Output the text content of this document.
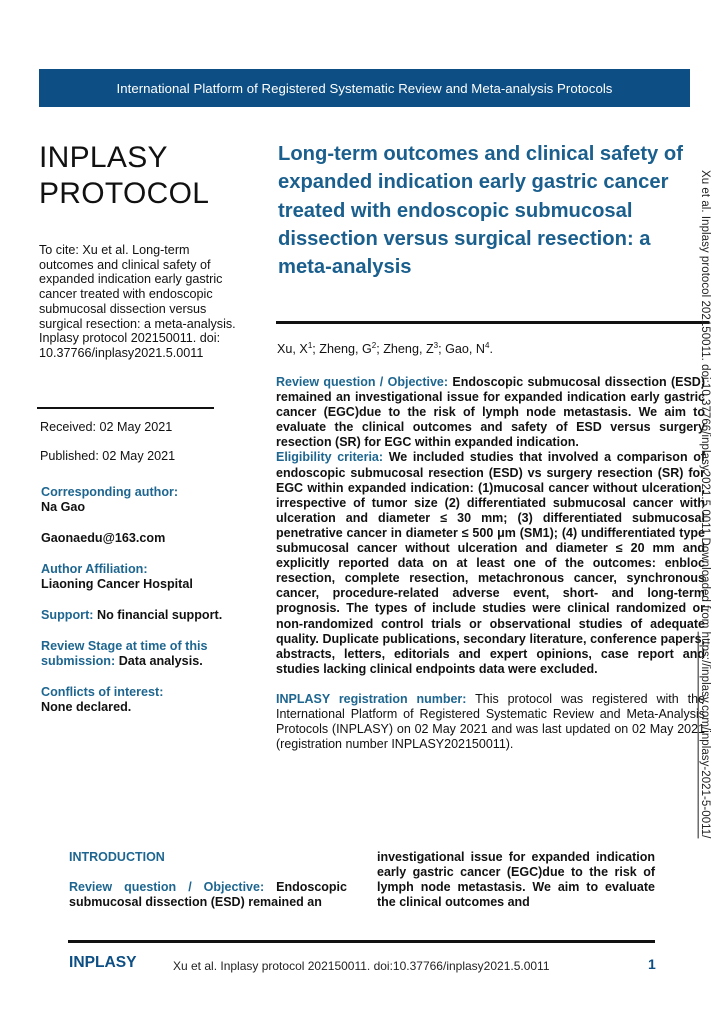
International Platform of Registered Systematic Review and Meta-analysis Protocols
INPLASY
PROTOCOL
To cite: Xu et al. Long-term outcomes and clinical safety of expanded indication early gastric cancer treated with endoscopic submucosal dissection versus surgical resection: a meta-analysis. Inplasy protocol 202150011. doi: 10.37766/inplasy2021.5.0011
Received: 02 May 2021
Published: 02 May 2021
Corresponding author:
Na Gao
Gaonaedu@163.com
Author Affiliation:
Liaoning Cancer Hospital
Support: No financial support.
Review Stage at time of this submission: Data analysis.
Conflicts of interest:
None declared.
Long-term outcomes and clinical safety of expanded indication early gastric cancer treated with endoscopic submucosal dissection versus surgical resection: a meta-analysis
Xu, $X^1$; Zheng, $G^2$; Zheng, $Z^3$; Gao, $N^4$.
Review question / Objective: Endoscopic submucosal dissection (ESD) remained an investigational issue for expanded indication early gastric cancer (EGC)due to the risk of lymph node metastasis. We aim to evaluate the clinical outcomes and safety of ESD versus surgery resection (SR) for EGC within expanded indication.
Eligibility criteria: We included studies that involved a comparison of endoscopic submucosal resection (ESD) vs surgery resection (SR) for EGC within expanded indication: (1)mucosal cancer without ulceration, irrespective of tumor size (2) differentiated submucosal cancer with ulceration and diameter ≤ 30 mm; (3) differentiated submucosal penetrative cancer in diameter ≤ 500 μm (SM1); (4) undifferentiated type submucosal cancer without ulceration and diameter ≤ 20 mm and explicitly reported data on at least one of the outcomes: enbloc resection, complete resection, metachronous cancer, synchronous cancer, procedure-related adverse event, short- and long-term prognosis. The types of include studies were clinical randomized or non-randomized control trials or observational studies of adequate quality. Duplicate publications, secondary literature, conference papers, abstracts, letters, editorials and expert opinions, case report and studies lacking clinical endpoints data were excluded.
INPLASY registration number: This protocol was registered with the International Platform of Registered Systematic Review and Meta-Analysis Protocols (INPLASY) on 02 May 2021 and was last updated on 02 May 2021 (registration number INPLASY202150011).
INTRODUCTION
Review question / Objective: Endoscopic submucosal dissection (ESD) remained an
investigational issue for expanded indication early gastric cancer (EGC)due to the risk of lymph node metastasis. We aim to evaluate the clinical outcomes and
INPLASY	Xu et al. Inplasy protocol 202150011. doi:10.37766/inplasy2021.5.0011	1
Xu et al. Inplasy protocol 202150011. doi:10.37766/inplasy2021.5.0011 Downloaded from https://inplasy.com/inplasy-2021-5-0011/
